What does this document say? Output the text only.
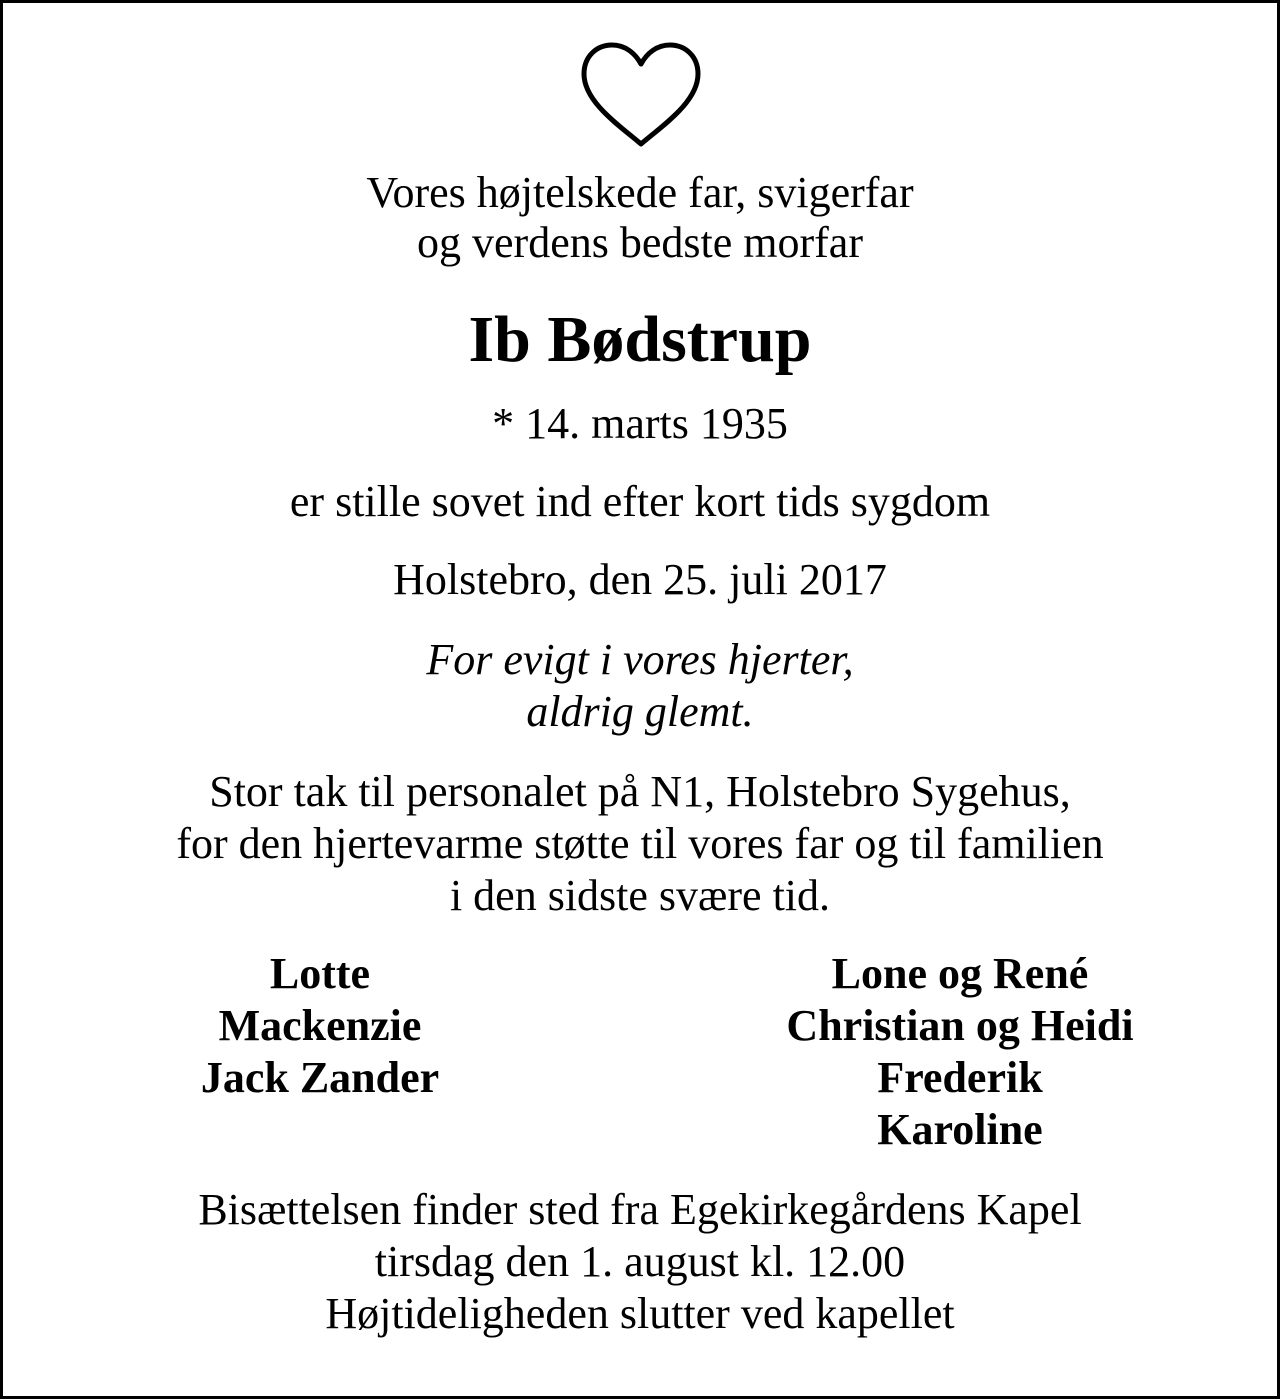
Vores højtelskede far, svigerfar
og verdens bedste morfar
Ib Bødstrup
* 14. marts 1935
er stille sovet ind efter kort tids sygdom
Holstebro, den 25. juli 2017
For evigt i vores hjerter,
aldrig glemt.
Stor tak til personalet på N1, Holstebro Sygehus,
for den hjertevarme støtte til vores far og til familien
i den sidste svære tid.
Lotte
Mackenzie
Jack Zander
Lone og René
Christian og Heidi
Frederik
Karoline
Bisættelsen finder sted fra Egekirkegårdens Kapel
tirsdag den 1. august kl. 12.00
Højtideligheden slutter ved kapellet
